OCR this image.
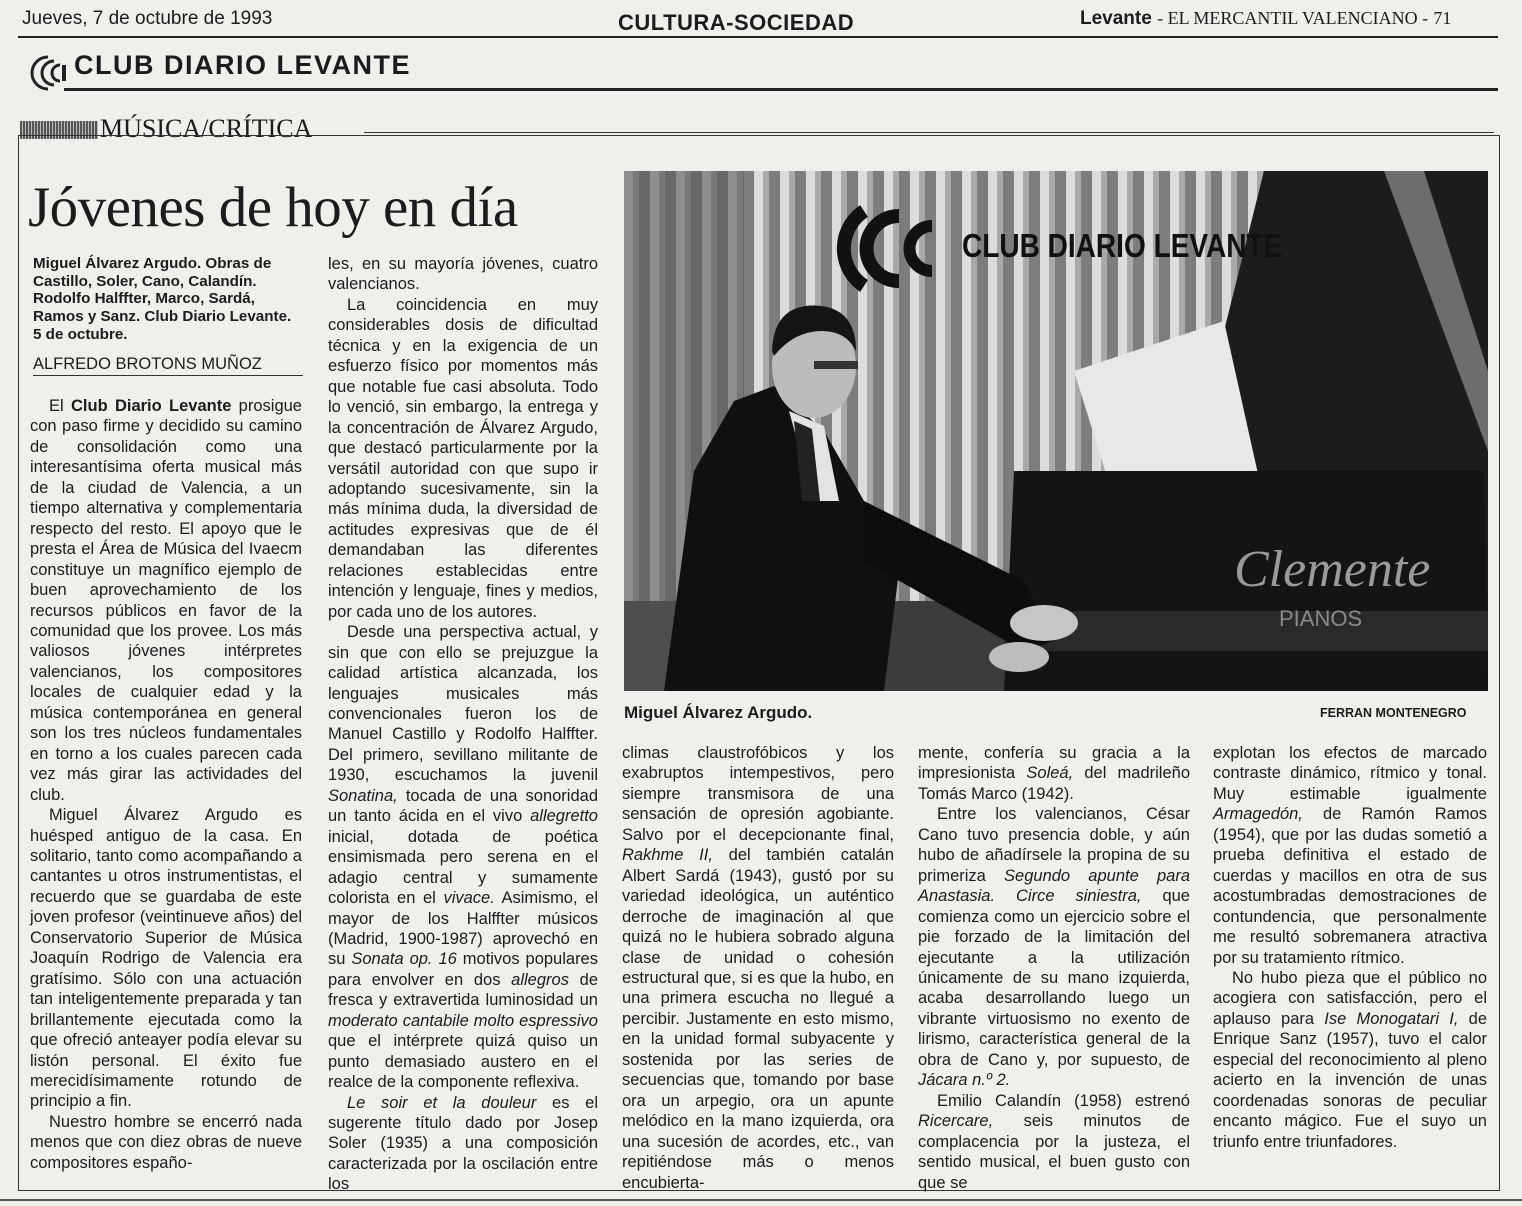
Jueves, 7 de octubre de 1993	CULTURA-SOCIEDAD	Levante - EL MERCANTIL VALENCIANO - 71
CLUB DIARIO LEVANTE
MÚSICA/CRÍTICA
Jóvenes de hoy en día
Miguel Álvarez Argudo. Obras de Castillo, Soler, Cano, Calandín. Rodolfo Halffter, Marco, Sardá, Ramos y Sanz. Club Diario Levante. 5 de octubre.
ALFREDO BROTONS MUÑOZ

El Club Diario Levante prosigue con paso firme y decidido su camino de consolidación como una interesantísima oferta musical más de la ciudad de Valencia, a un tiempo alternativa y complementaria respecto del resto. El apoyo que le presta el Área de Música del Ivaecm constituye un magnífico ejemplo de buen aprovechamiento de los recursos públicos en favor de la comunidad que los provee. Los más valiosos jóvenes intérpretes valencianos, los compositores locales de cualquier edad y la música contemporánea en general son los tres núcleos fundamentales en torno a los cuales parecen cada vez más girar las actividades del club.

Miguel Álvarez Argudo es huésped antiguo de la casa. En solitario, tanto como acompañando a cantantes u otros instrumentistas, el recuerdo que se guardaba de este joven profesor (veintinueve años) del Conservatorio Superior de Música Joaquín Rodrigo de Valencia era gratísimo. Sólo con una actuación tan inteligentemente preparada y tan brillantemente ejecutada como la que ofreció anteayer podía elevar su listón personal. El éxito fue merecidísimamente rotundo de principio a fin.

Nuestro hombre se encerró nada menos que con diez obras de nueve compositores españo-

les, en su mayoría jóvenes, cuatro valencianos.

La coincidencia en muy considerables dosis de dificultad técnica y en la exigencia de un esfuerzo físico por momentos más que notable fue casi absoluta. Todo lo venció, sin embargo, la entrega y la concentración de Álvarez Argudo, que destacó particularmente por la versátil autoridad con que supo ir adoptando sucesivamente, sin la más mínima duda, la diversidad de actitudes expresivas que de él demandaban las diferentes relaciones establecidas entre intención y lenguaje, fines y medios, por cada uno de los autores.

Desde una perspectiva actual, y sin que con ello se prejuzgue la calidad artística alcanzada, los lenguajes musicales más convencionales fueron los de Manuel Castillo y Rodolfo Halffter. Del primero, sevillano militante de 1930, escuchamos la juvenil Sonatina, tocada de una sonoridad un tanto ácida en el vivo allegretto inicial, dotada de poética ensimismada pero serena en el adagio central y sumamente colorista en el vivace. Asimismo, el mayor de los Halffter músicos (Madrid, 1900-1987) aprovechó en su Sonata op. 16 motivos populares para envolver en dos allegros de fresca y extravertida luminosidad un moderato cantabile molto espressivo que el intérprete quizá quiso un punto demasiado austero en el realce de la componente reflexiva.

Le soir et la douleur es el sugerente título dado por Josep Soler (1935) a una composición caracterizada por la oscilación entre los

CLUB DIARIO LEVANTE
Clemente
PIANOS
Miguel Álvarez Argudo.	FERRAN MONTENEGRO

climas claustrofóbicos y los exabruptos intempestivos, pero siempre transmisora de una sensación de opresión agobiante. Salvo por el decepcionante final, Rakhme II, del también catalán Albert Sardá (1943), gustó por su variedad ideológica, un auténtico derroche de imaginación al que quizá no le hubiera sobrado alguna clase de unidad o cohesión estructural que, si es que la hubo, en una primera escucha no llegué a percibir. Justamente en esto mismo, en la unidad formal subyacente y sostenida por las series de secuencias que, tomando por base ora un arpegio, ora un apunte melódico en la mano izquierda, ora una sucesión de acordes, etc., van repitiéndose más o menos encubierta-

mente, confería su gracia a la impresionista Soleá, del madrileño Tomás Marco (1942).

Entre los valencianos, César Cano tuvo presencia doble, y aún hubo de añadírsele la propina de su primeriza Segundo apunte para Anastasia. Circe siniestra, que comienza como un ejercicio sobre el pie forzado de la limitación del ejecutante a la utilización únicamente de su mano izquierda, acaba desarrollando luego un vibrante virtuosismo no exento de lirismo, característica general de la obra de Cano y, por supuesto, de Jácara n.º 2.

Emilio Calandín (1958) estrenó Ricercare, seis minutos de complacencia por la justeza, el sentido musical, el buen gusto con que se

explotan los efectos de marcado contraste dinámico, rítmico y tonal. Muy estimable igualmente Armagedón, de Ramón Ramos (1954), que por las dudas sometió a prueba definitiva el estado de cuerdas y macillos en otra de sus acostumbradas demostraciones de contundencia, que personalmente me resultó sobremanera atractiva por su tratamiento rítmico.

No hubo pieza que el público no acogiera con satisfacción, pero el aplauso para Ise Monogatari I, de Enrique Sanz (1957), tuvo el calor especial del reconocimiento al pleno acierto en la invención de unas coordenadas sonoras de peculiar encanto mágico. Fue el suyo un triunfo entre triunfadores.
